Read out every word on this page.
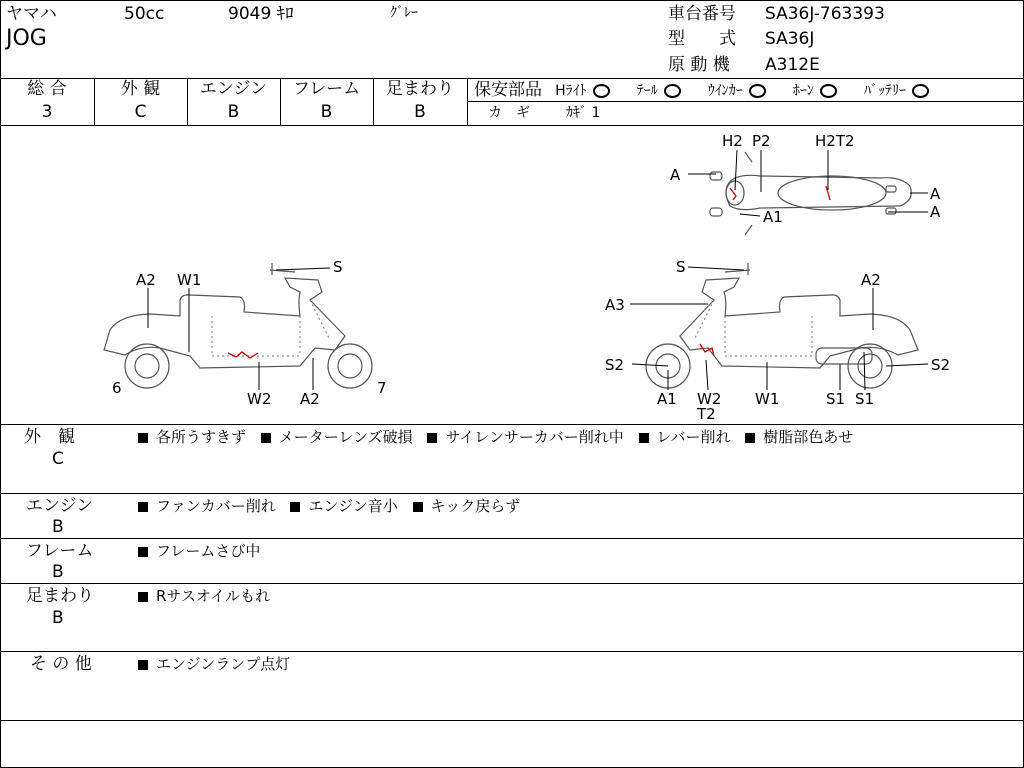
ヤマハ	50cc	9049 ｷﾛ	ｸﾞﾚｰ
JOG
車台番号 SA36J-763393
型　　式 SA36J
原 動 機 A312E
総 合
3
外 観
C
エンジン
B
フレーム
B
足まわり
B
保安部品 Hﾗｲﾄ	ﾃｰﾙ	ｳｲﾝｶｰ	ﾎｰﾝ	ﾊﾞｯﾃﾘｰ
カ　ギ	ｶｷﾞ 1
A2 W1
S
6
W2 A2
7
H2 P2	H2T2
A
A1
A
A
S
A2
A3
S2	S2
A1 W2
T2
W1	S1 S1
外　観
C
各所うすきず メーターレンズ破損 サイレンサーカバー削れ中 レバー削れ 樹脂部色あせ
エンジン
B
ファンカバー削れ エンジン音小 キック戻らず
フレーム
B
フレームさび中
足まわり
B
Rサスオイルもれ
そ の 他	エンジンランプ点灯
